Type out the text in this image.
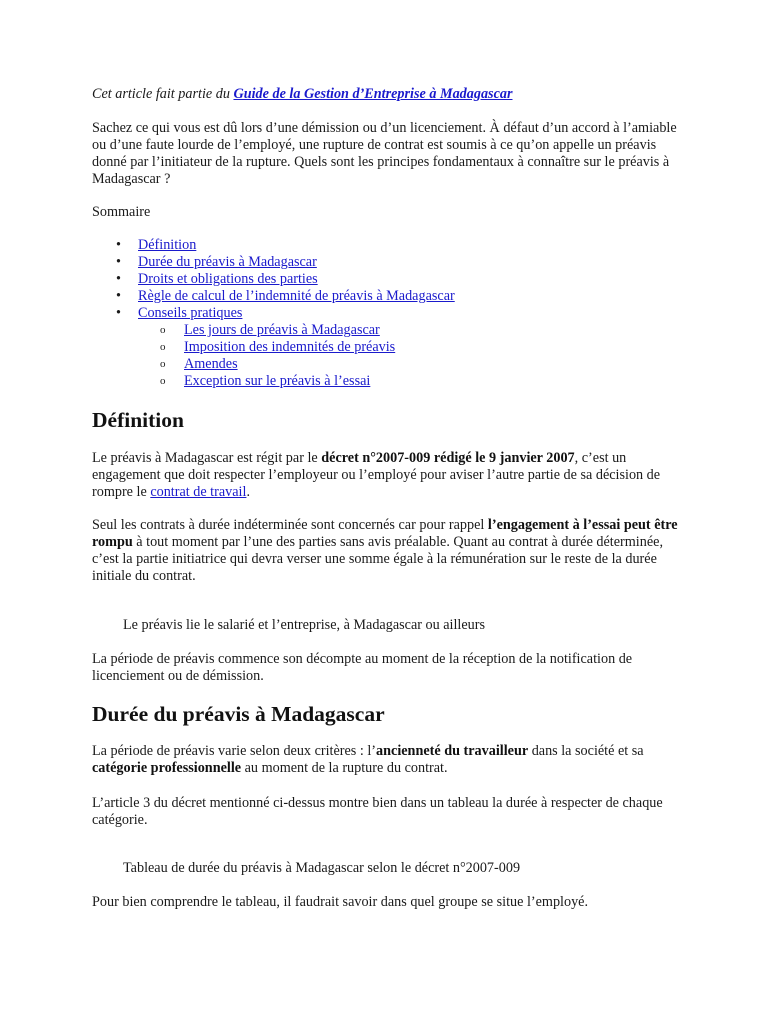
Cet article fait partie du Guide de la Gestion d’Entreprise à Madagascar

Sachez ce qui vous est dû lors d’une démission ou d’un licenciement. À défaut d’un accord à l’amiable ou d’une faute lourde de l’employé, une rupture de contrat est soumis à ce qu’on appelle un préavis donné par l’initiateur de la rupture. Quels sont les principes fondamentaux à connaître sur le préavis à Madagascar ?

Sommaire

• Définition
• Durée du préavis à Madagascar
• Droits et obligations des parties
• Règle de calcul de l’indemnité de préavis à Madagascar
• Conseils pratiques
o Les jours de préavis à Madagascar
o Imposition des indemnités de préavis
o Amendes
o Exception sur le préavis à l’essai
Définition

Le préavis à Madagascar est régit par le décret n°2007-009 rédigé le 9 janvier 2007, c’est un engagement que doit respecter l’employeur ou l’employé pour aviser l’autre partie de sa décision de rompre le contrat de travail.

Seul les contrats à durée indéterminée sont concernés car pour rappel l’engagement à l’essai peut être rompu à tout moment par l’une des parties sans avis préalable. Quant au contrat à durée déterminée, c’est la partie initiatrice qui devra verser une somme égale à la rémunération sur le reste de la durée initiale du contrat.

Le préavis lie le salarié et l’entreprise, à Madagascar ou ailleurs

La période de préavis commence son décompte au moment de la réception de la notification de licenciement ou de démission.

Durée du préavis à Madagascar

La période de préavis varie selon deux critères : l’ancienneté du travailleur dans la société et sa catégorie professionnelle au moment de la rupture du contrat.

L’article 3 du décret mentionné ci-dessus montre bien dans un tableau la durée à respecter de chaque catégorie.

Tableau de durée du préavis à Madagascar selon le décret n°2007-009

Pour bien comprendre le tableau, il faudrait savoir dans quel groupe se situe l’employé.
